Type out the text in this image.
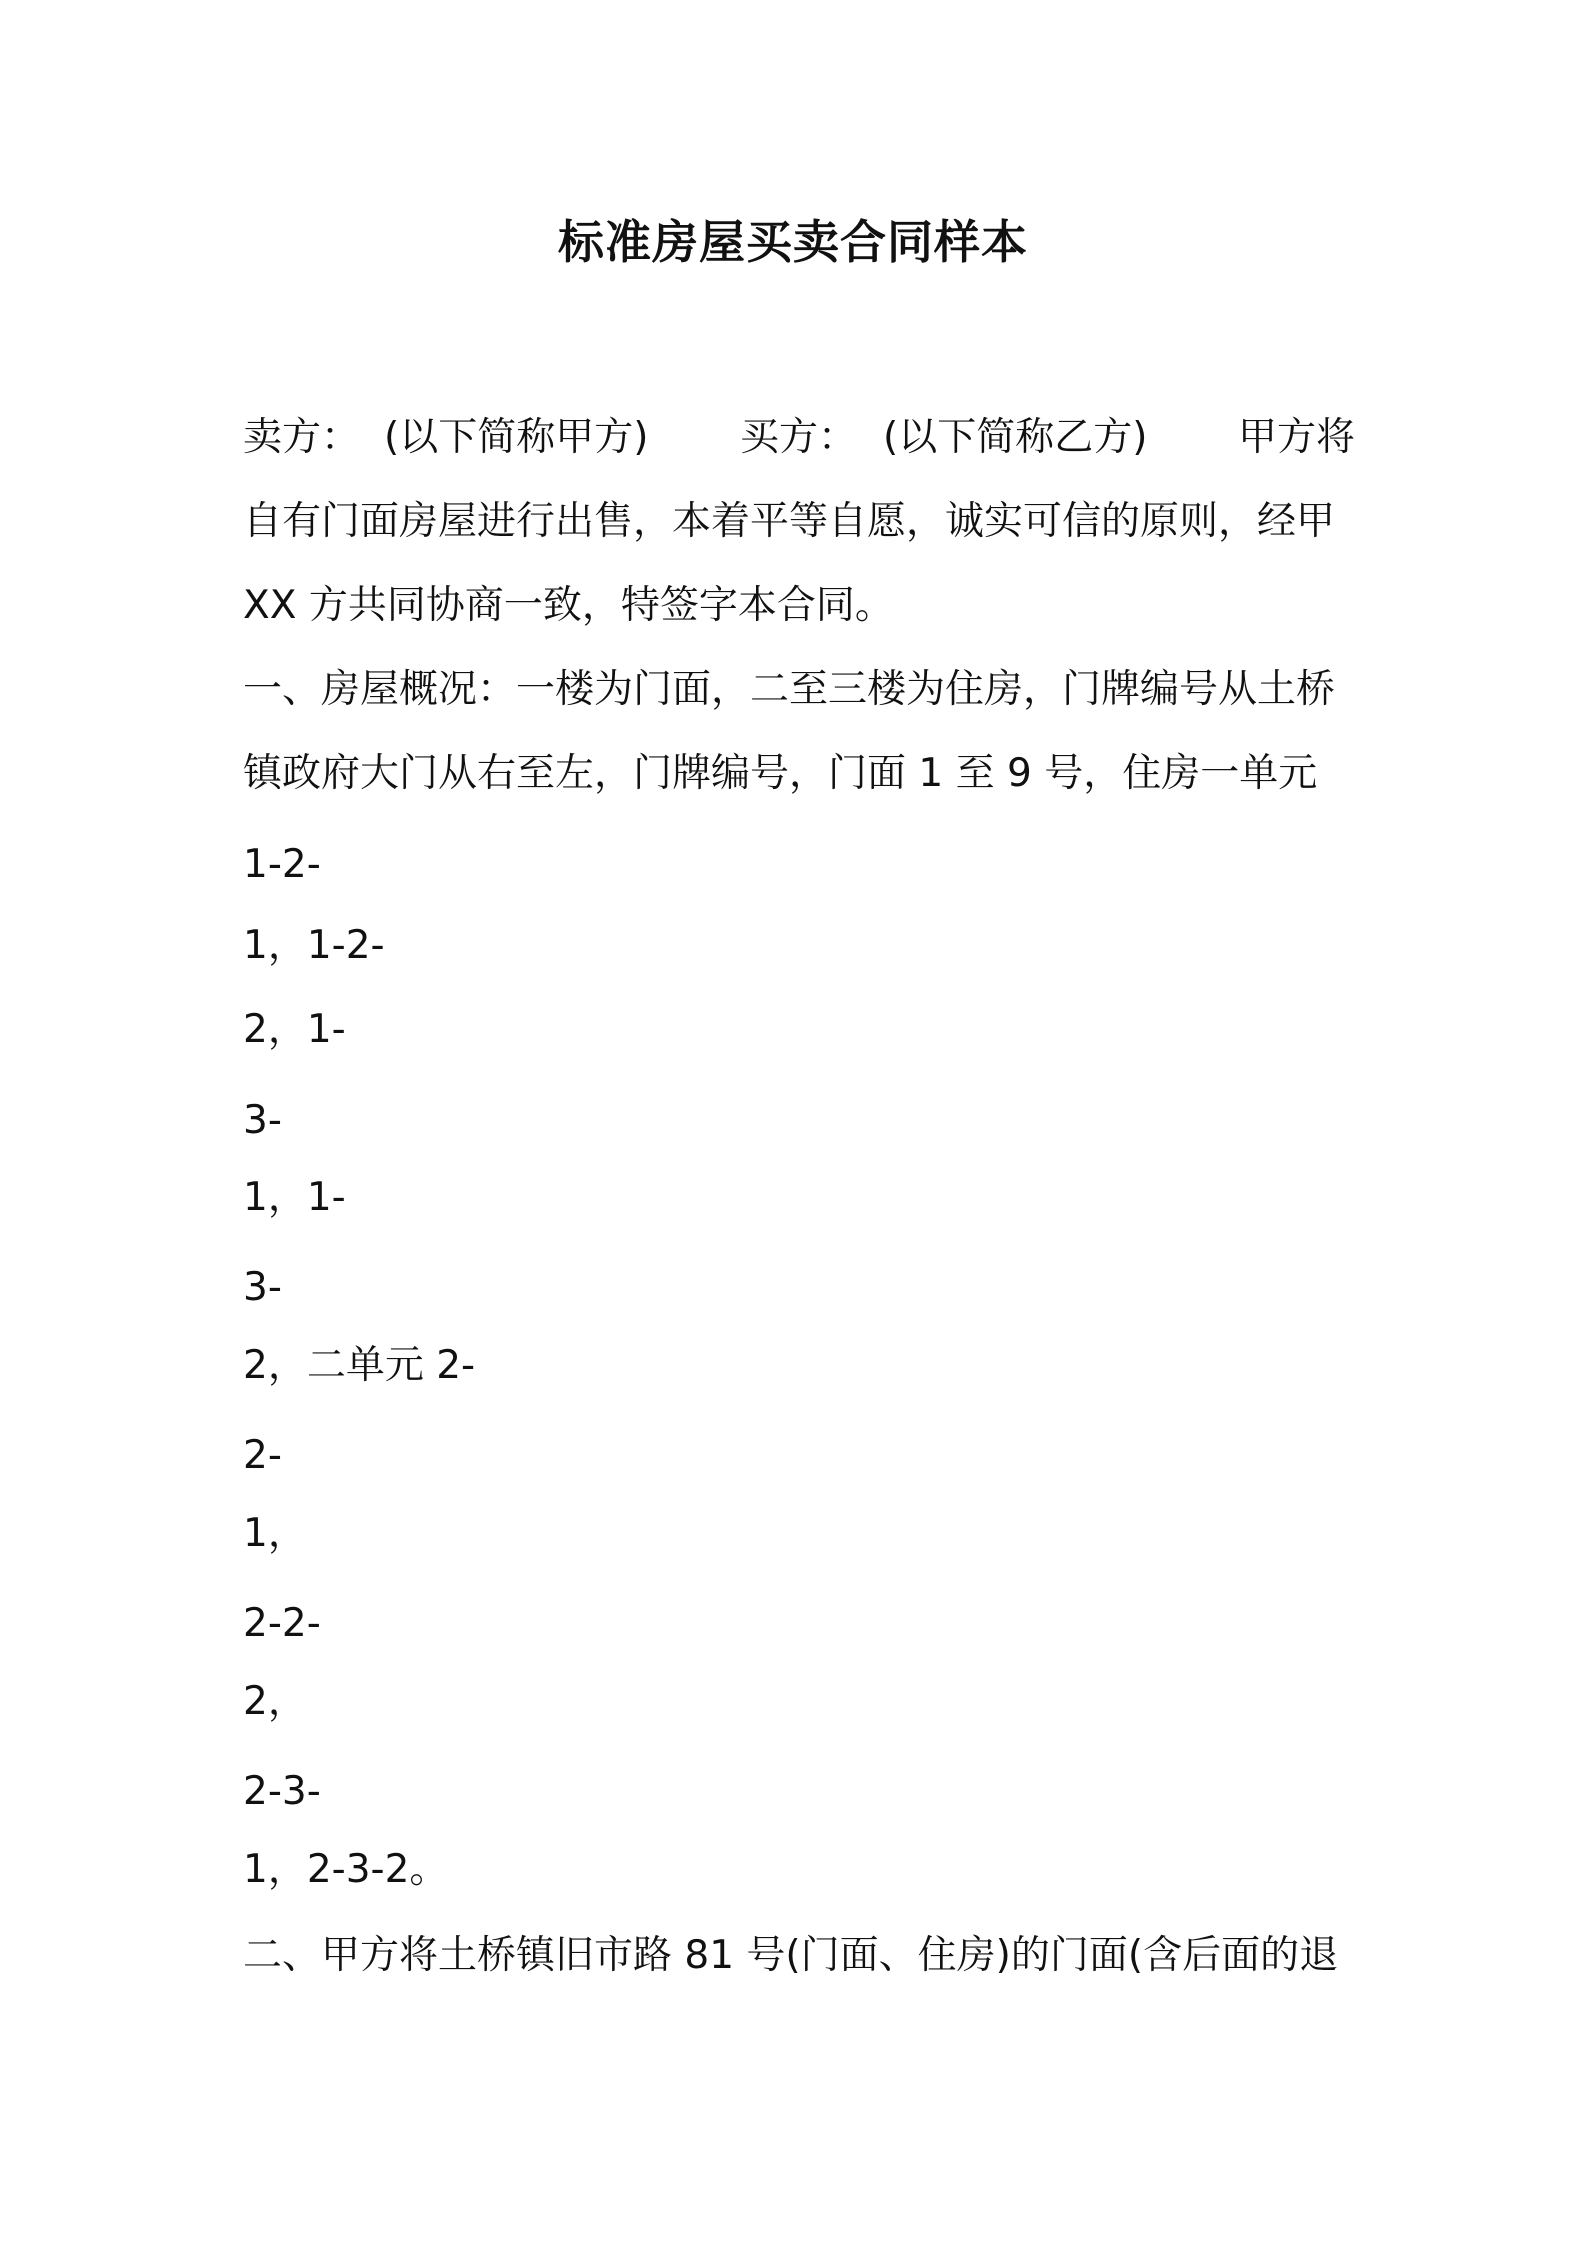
标准房屋买卖合同样本
卖方： (以下简称甲方) 买方： (以下简称乙方) 甲方将
自有门面房屋进行出售，本着平等自愿，诚实可信的原则，经甲
XX 方共同协商一致，特签字本合同。
一、房屋概况：一楼为门面，二至三楼为住房，门牌编号从土桥
镇政府大门从右至左，门牌编号，门面 1 至 9 号，住房一单元
1-2-
1，1-2-
2，1-
3-
1，1-
3-
2，二单元 2-
2-
1，
2-2-
2，
2-3-
1，2-3-2。
二、甲方将土桥镇旧市路 81 号(门面、住房)的门面(含后面的退
